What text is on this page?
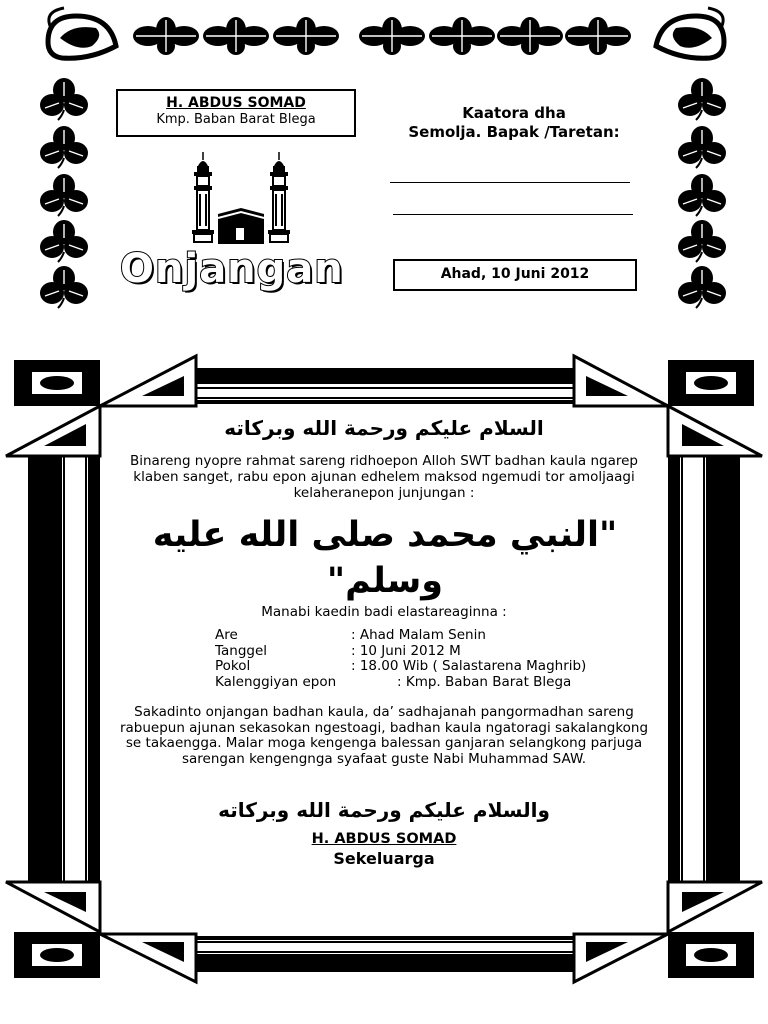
H. ABDUS SOMAD
Kmp. Baban Barat Blega	Kaatora dha
Semolja. Bapak /Taretan:
Onjangan	Ahad, 10 Juni 2012
السلام عليكم ورحمة الله وبركاته
Binareng nyopre rahmat sareng ridhoepon Alloh SWT badhan kaula ngarep klaben sanget, rabu epon ajunan edhelem maksod ngemudi tor amoljaagi kelaheranepon junjungan :
"النبي محمد صلى الله عليه وسلم"
Manabi kaedin badi elastareaginna :
Are	: Ahad Malam Senin
Tanggel	: 10 Juni 2012 M
Pokol	: 18.00 Wib ( Salastarena Maghrib)
Kalenggiyan epon	: Kmp. Baban Barat Blega
Sakadinto onjangan badhan kaula, da’ sadhajanah pangormadhan sareng rabuepun ajunan sekasokan ngestoagi, badhan kaula ngatoragi sakalangkong se takaengga. Malar moga kengenga balessan ganjaran selangkong parjuga sarengan kengengnga syafaat guste Nabi Muhammad SAW.
والسلام عليكم ورحمة الله وبركاته
H. ABDUS SOMAD
Sekeluarga
